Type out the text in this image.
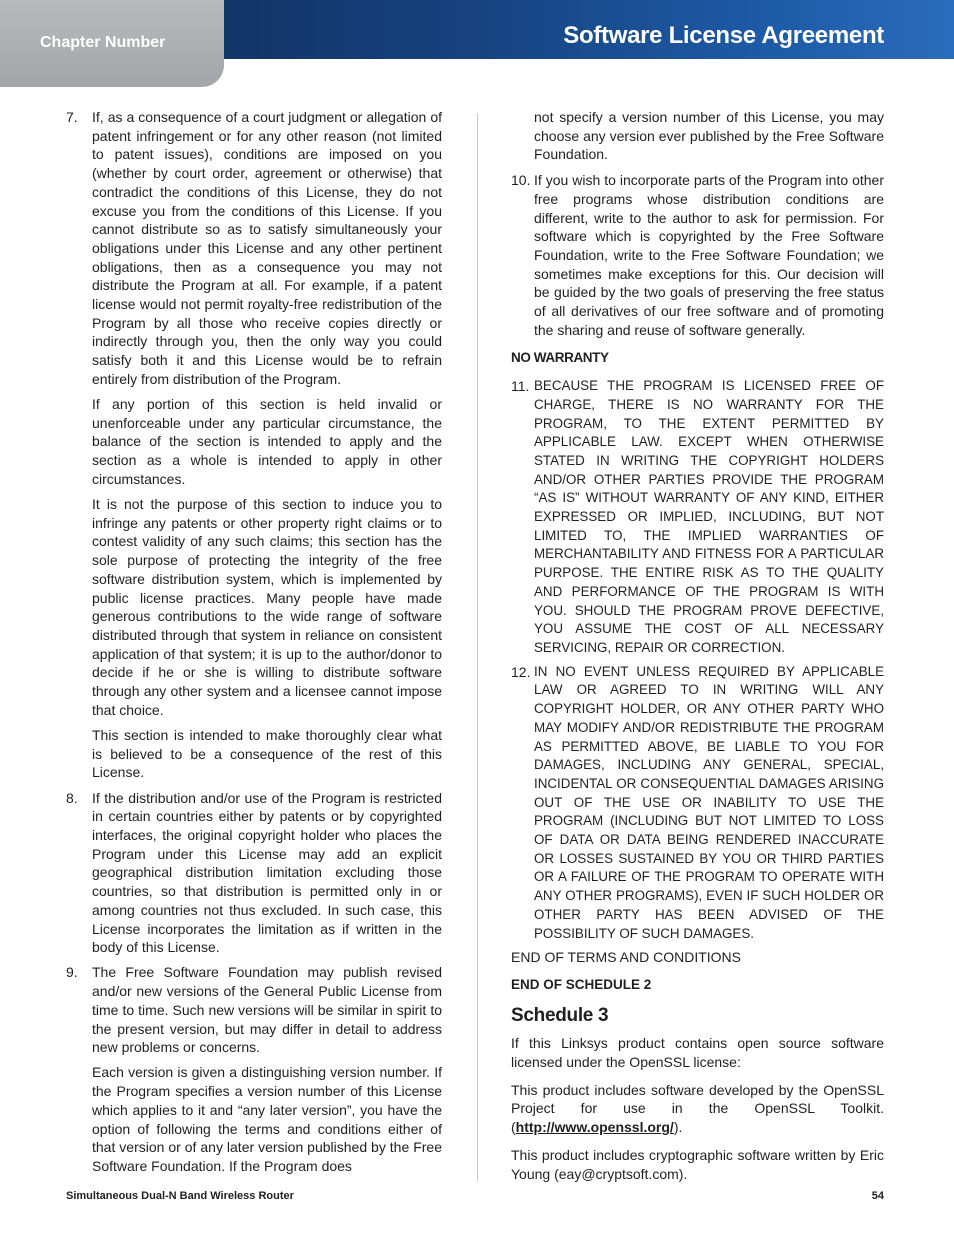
Chapter Number	Software License Agreement
7.	If, as a consequence of a court judgment or allegation of patent infringement or for any other reason (not limited to patent issues), conditions are imposed on you (whether by court order, agreement or otherwise) that contradict the conditions of this License, they do not excuse you from the conditions of this License. If you cannot distribute so as to satisfy simultaneously your obligations under this License and any other pertinent obligations, then as a consequence you may not distribute the Program at all. For example, if a patent license would not permit royalty-free redistribution of the Program by all those who receive copies directly or indirectly through you, then the only way you could satisfy both it and this License would be to refrain entirely from distribution of the Program.

If any portion of this section is held invalid or unenforceable under any particular circumstance, the balance of the section is intended to apply and the section as a whole is intended to apply in other circumstances.

It is not the purpose of this section to induce you to infringe any patents or other property right claims or to contest validity of any such claims; this section has the sole purpose of protecting the integrity of the free software distribution system, which is implemented by public license practices. Many people have made generous contributions to the wide range of software distributed through that system in reliance on consistent application of that system; it is up to the author/donor to decide if he or she is willing to distribute software through any other system and a licensee cannot impose that choice.

This section is intended to make thoroughly clear what is believed to be a consequence of the rest of this License.

8.	If the distribution and/or use of the Program is restricted in certain countries either by patents or by copyrighted interfaces, the original copyright holder who places the Program under this License may add an explicit geographical distribution limitation excluding those countries, so that distribution is permitted only in or among countries not thus excluded. In such case, this License incorporates the limitation as if written in the body of this License.

9.	The Free Software Foundation may publish revised and/or new versions of the General Public License from time to time. Such new versions will be similar in spirit to the present version, but may differ in detail to address new problems or concerns.

Each version is given a distinguishing version number. If the Program specifies a version number of this License which applies to it and “any later version”, you have the option of following the terms and conditions either of that version or of any later version published by the Free Software Foundation. If the Program does

not specify a version number of this License, you may choose any version ever published by the Free Software Foundation.

10. If you wish to incorporate parts of the Program into other free programs whose distribution conditions are different, write to the author to ask for permission. For software which is copyrighted by the Free Software Foundation, write to the Free Software Foundation; we sometimes make exceptions for this. Our decision will be guided by the two goals of preserving the free status of all derivatives of our free software and of promoting the sharing and reuse of software generally.

NO WARRANTY
11. BECAUSE THE PROGRAM IS LICENSED FREE OF CHARGE, THERE IS NO WARRANTY FOR THE PROGRAM, TO THE EXTENT PERMITTED BY APPLICABLE LAW. EXCEPT WHEN OTHERWISE STATED IN WRITING THE COPYRIGHT HOLDERS AND/OR OTHER PARTIES PROVIDE THE PROGRAM “AS IS” WITHOUT WARRANTY OF ANY KIND, EITHER EXPRESSED OR IMPLIED, INCLUDING, BUT NOT LIMITED TO, THE IMPLIED WARRANTIES OF MERCHANTABILITY AND FITNESS FOR A PARTICULAR PURPOSE. THE ENTIRE RISK AS TO THE QUALITY AND PERFORMANCE OF THE PROGRAM IS WITH YOU. SHOULD THE PROGRAM PROVE DEFECTIVE, YOU ASSUME THE COST OF ALL NECESSARY SERVICING, REPAIR OR CORRECTION.

12. IN NO EVENT UNLESS REQUIRED BY APPLICABLE LAW OR AGREED TO IN WRITING WILL ANY COPYRIGHT HOLDER, OR ANY OTHER PARTY WHO MAY MODIFY AND/OR REDISTRIBUTE THE PROGRAM AS PERMITTED ABOVE, BE LIABLE TO YOU FOR DAMAGES, INCLUDING ANY GENERAL, SPECIAL, INCIDENTAL OR CONSEQUENTIAL DAMAGES ARISING OUT OF THE USE OR INABILITY TO USE THE PROGRAM (INCLUDING BUT NOT LIMITED TO LOSS OF DATA OR DATA BEING RENDERED INACCURATE OR LOSSES SUSTAINED BY YOU OR THIRD PARTIES OR A FAILURE OF THE PROGRAM TO OPERATE WITH ANY OTHER PROGRAMS), EVEN IF SUCH HOLDER OR OTHER PARTY HAS BEEN ADVISED OF THE POSSIBILITY OF SUCH DAMAGES.

END OF TERMS AND CONDITIONS

END OF SCHEDULE 2

Schedule 3

If this Linksys product contains open source software licensed under the OpenSSL license:

This product includes software developed by the OpenSSL Project for use in the OpenSSL Toolkit. (http://www.openssl.org/).

This product includes cryptographic software written by Eric Young (eay@cryptsoft.com).

Simultaneous Dual-N Band Wireless Router	54
